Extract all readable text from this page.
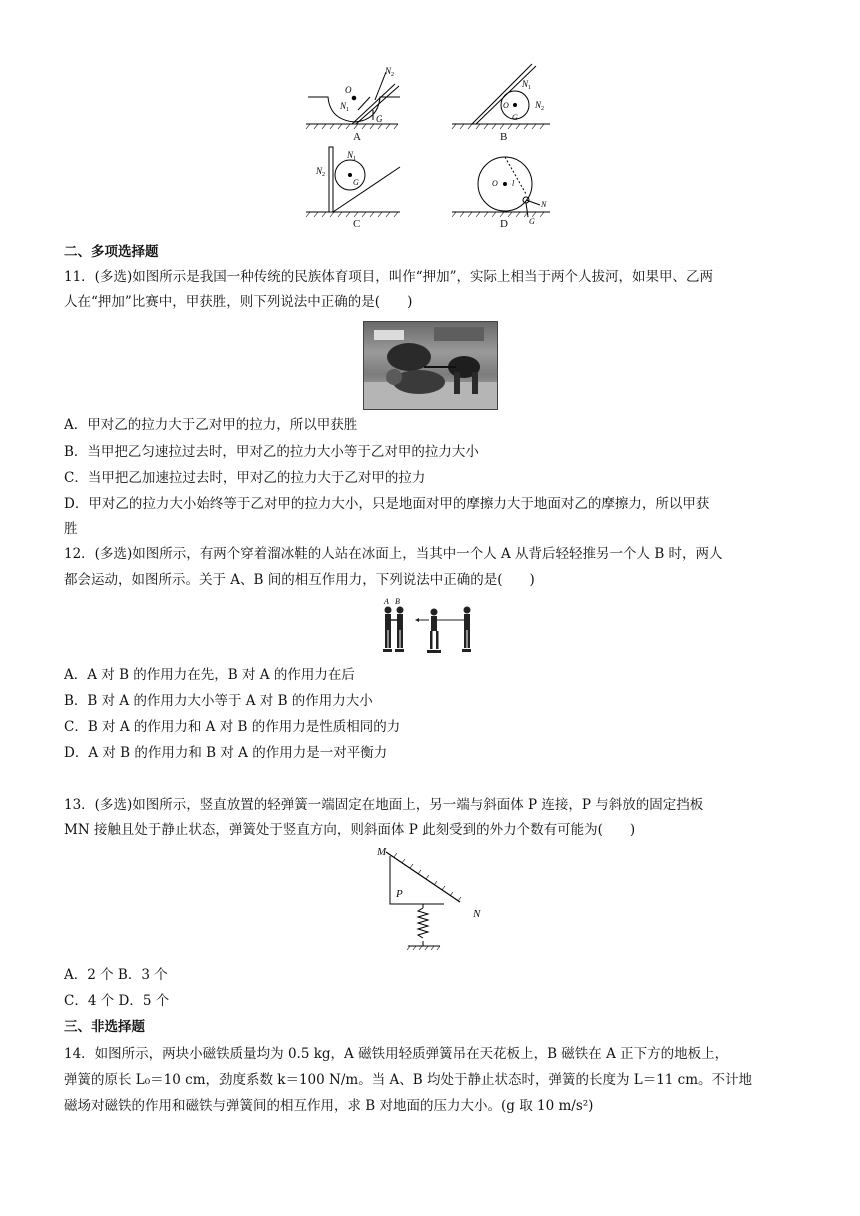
N 2
O
N 1
G
N 1
N 2
O
G
N 1
N 2
G	O l
N
G
A	B
C	D
二、多项选择题
11．(多选)如图所示是我国一种传统的民族体育项目，叫作“押加”，实际上相当于两个人拔河，如果甲、乙两
人在“押加”比赛中，甲获胜，则下列说法中正确的是(　　)
A．甲对乙的拉力大于乙对甲的拉力，所以甲获胜
B．当甲把乙匀速拉过去时，甲对乙的拉力大小等于乙对甲的拉力大小
C．当甲把乙加速拉过去时，甲对乙的拉力大于乙对甲的拉力
D．甲对乙的拉力大小始终等于乙对甲的拉力大小，只是地面对甲的摩擦力大于地面对乙的摩擦力，所以甲获
胜
12．(多选)如图所示，有两个穿着溜冰鞋的人站在冰面上，当其中一个人 A 从背后轻轻推另一个人 B 时，两人
都会运动，如图所示。关于 A、B 间的相互作用力，下列说法中正确的是(　　)
A B
A．A 对 B 的作用力在先，B 对 A 的作用力在后
B．B 对 A 的作用力大小等于 A 对 B 的作用力大小
C．B 对 A 的作用力和 A 对 B 的作用力是性质相同的力
D．A 对 B 的作用力和 B 对 A 的作用力是一对平衡力
13．(多选)如图所示，竖直放置的轻弹簧一端固定在地面上，另一端与斜面体 P 连接，P 与斜放的固定挡板
MN 接触且处于静止状态，弹簧处于竖直方向，则斜面体 P 此刻受到的外力个数有可能为(　　)
M
N
P
A．2 个 B．3 个
C．4 个 D．5 个
三、非选择题
14．如图所示，两块小磁铁质量均为 0.5 kg，A 磁铁用轻质弹簧吊在天花板上，B 磁铁在 A 正下方的地板上，
弹簧的原长 L₀＝10 cm，劲度系数 k＝100 N/m。当 A、B 均处于静止状态时，弹簧的长度为 L＝11 cm。不计地
磁场对磁铁的作用和磁铁与弹簧间的相互作用，求 B 对地面的压力大小。(g 取 10 m/s²)
